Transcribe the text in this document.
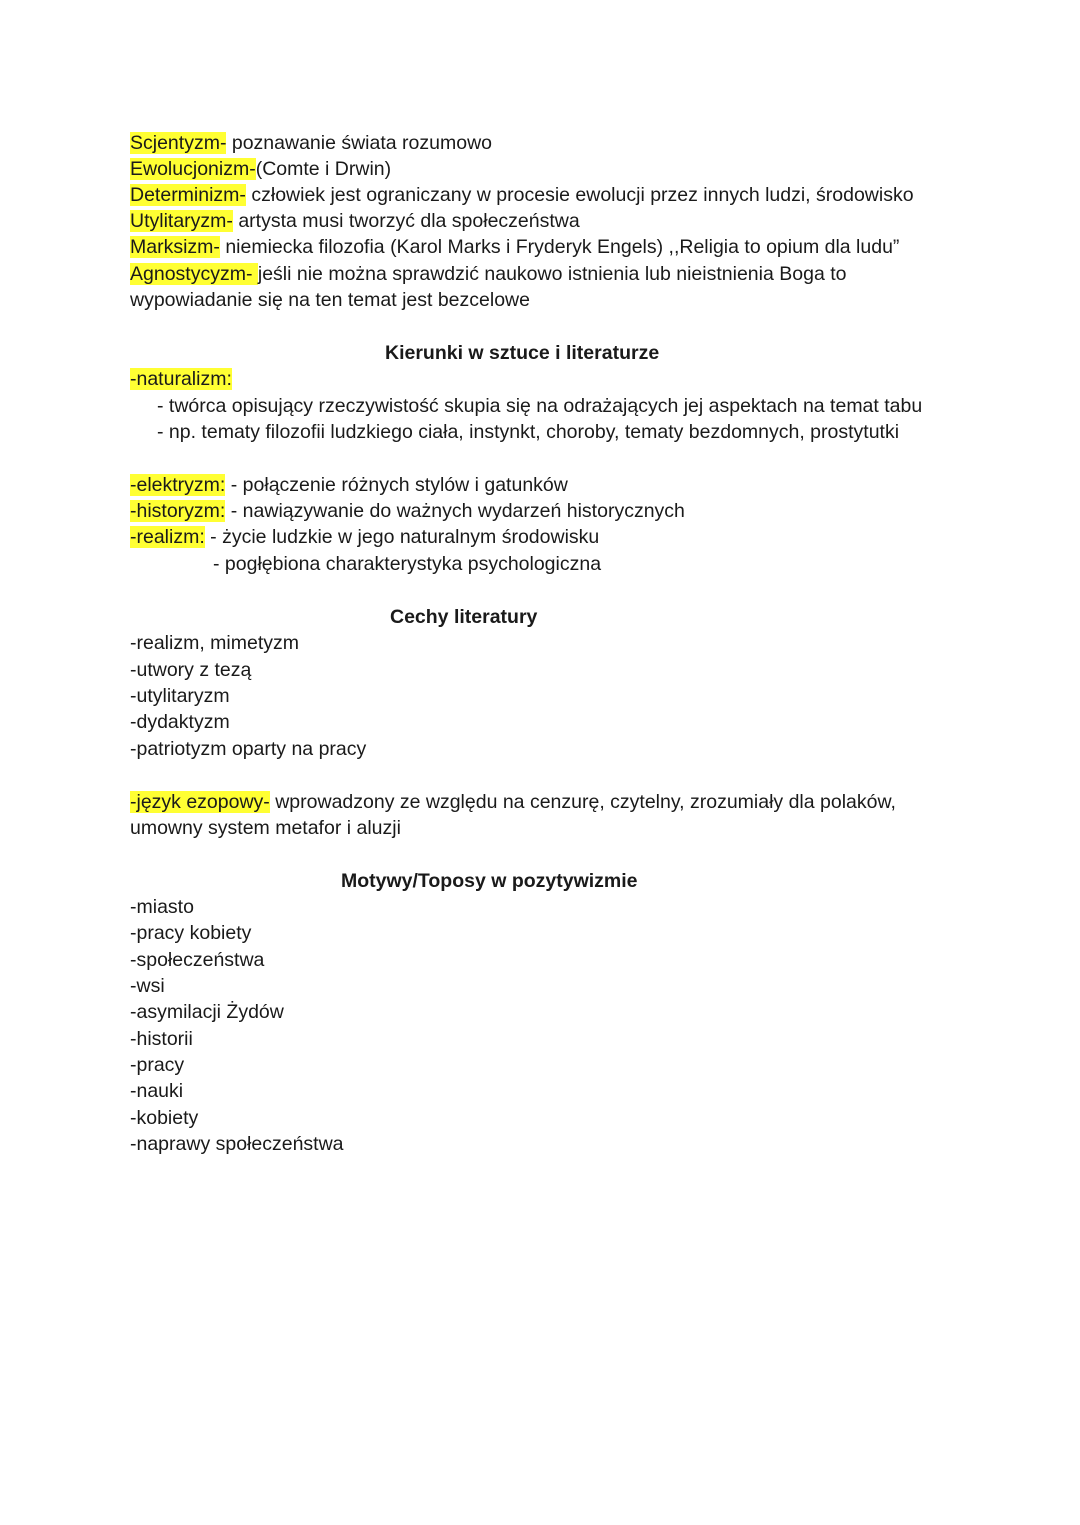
Scjentyzm- poznawanie świata rozumowo
Ewolucjonizm-(Comte i Drwin)
Determinizm- człowiek jest ograniczany w procesie ewolucji przez innych ludzi, środowisko
Utylitaryzm- artysta musi tworzyć dla społeczeństwa
Marksizm- niemiecka filozofia (Karol Marks i Fryderyk Engels) ,,Religia to opium dla ludu”
Agnostycyzm- jeśli nie można sprawdzić naukowo istnienia lub nieistnienia Boga to
wypowiadanie się na ten temat jest bezcelowe
Kierunki w sztuce i literaturze
-naturalizm:
- twórca opisujący rzeczywistość skupia się na odrażających jej aspektach na temat tabu
- np. tematy filozofii ludzkiego ciała, instynkt, choroby, tematy bezdomnych, prostytutki
-elektryzm: - połączenie różnych stylów i gatunków
-historyzm: - nawiązywanie do ważnych wydarzeń historycznych
-realizm: - życie ludzkie w jego naturalnym środowisku
- pogłębiona charakterystyka psychologiczna
Cechy literatury
-realizm, mimetyzm
-utwory z tezą
-utylitaryzm
-dydaktyzm
-patriotyzm oparty na pracy
-język ezopowy- wprowadzony ze względu na cenzurę, czytelny, zrozumiały dla polaków,
umowny system metafor i aluzji
Motywy/Toposy w pozytywizmie
-miasto
-pracy kobiety
-społeczeństwa
-wsi
-asymilacji Żydów
-historii
-pracy
-nauki
-kobiety
-naprawy społeczeństwa
